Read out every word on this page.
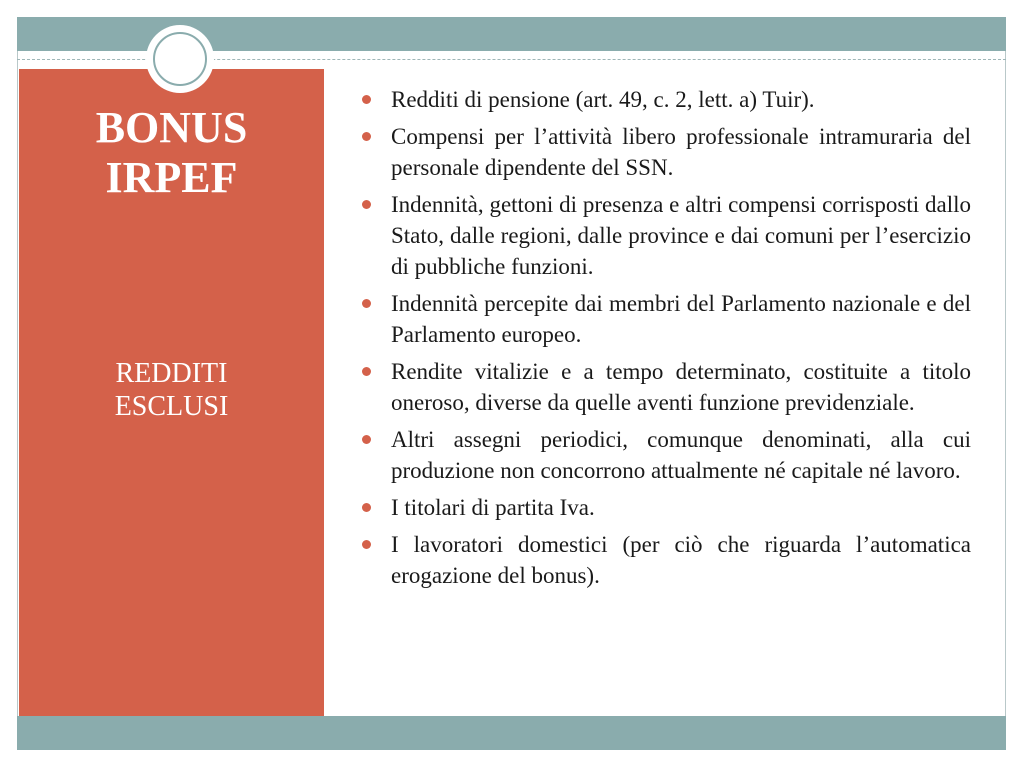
BONUS
IRPEF
REDDITI
ESCLUSI
Redditi di pensione (art. 49, c. 2, lett. a) Tuir).
Compensi per l’attività libero professionale intramuraria del personale dipendente del SSN.
Indennità, gettoni di presenza e altri compensi corrisposti dallo Stato, dalle regioni, dalle province e dai comuni per l’esercizio di pubbliche funzioni.
Indennità percepite dai membri del Parlamento nazionale e del Parlamento europeo.
Rendite vitalizie e a tempo determinato, costituite a titolo oneroso, diverse da quelle aventi funzione previdenziale.
Altri assegni periodici, comunque denominati, alla cui produzione non concorrono attualmente né capitale né lavoro.
I titolari di partita Iva.
I lavoratori domestici (per ciò che riguarda l’automatica erogazione del bonus).
